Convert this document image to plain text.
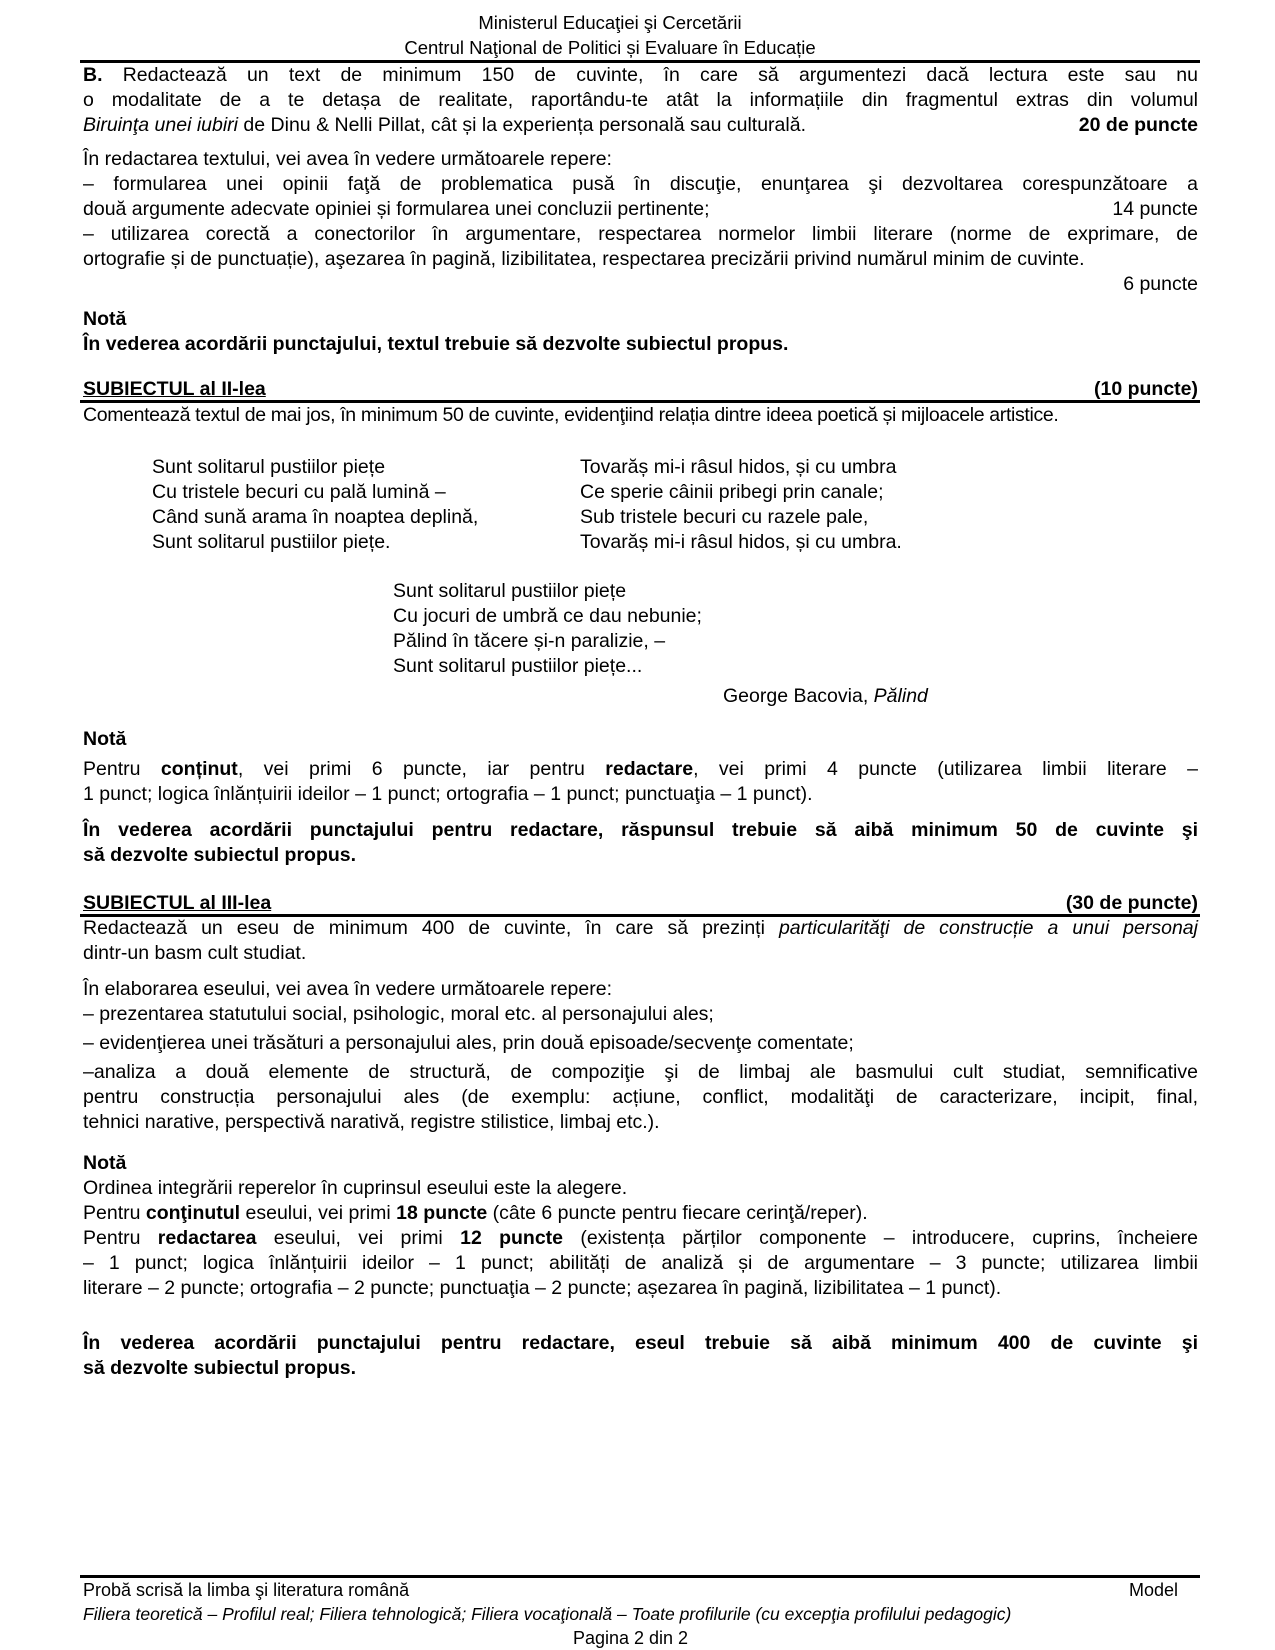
Ministerul Educaţiei şi Cercetării
Centrul Naţional de Politici și Evaluare în Educație
B. Redactează un text de minimum 150 de cuvinte, în care să argumentezi dacă lectura este sau nu
o modalitate de a te detașa de realitate, raportându-te atât la informațiile din fragmentul extras din volumul
Biruinţa unei iubiri de Dinu & Nelli Pillat, cât și la experiența personală sau culturală.	20 de puncte
În redactarea textului, vei avea în vedere următoarele repere:
– formularea unei opinii faţă de problematica pusă în discuţie, enunţarea şi dezvoltarea corespunzătoare a
două argumente adecvate opiniei și formularea unei concluzii pertinente;	14 puncte
– utilizarea corectă a conectorilor în argumentare, respectarea normelor limbii literare (norme de exprimare, de
ortografie și de punctuație), aşezarea în pagină, lizibilitatea, respectarea precizării privind numărul minim de cuvinte.
6 puncte
Notă
În vederea acordării punctajului, textul trebuie să dezvolte subiectul propus.
SUBIECTUL al II-lea	(10 puncte)
Comentează textul de mai jos, în minimum 50 de cuvinte, evidenţiind relația dintre ideea poetică și mijloacele artistice.
Sunt solitarul pustiilor piețe
Cu tristele becuri cu pală lumină –
Când sună arama în noaptea deplină,
Sunt solitarul pustiilor piețe.
Tovarăș mi-i râsul hidos, și cu umbra
Ce sperie câinii pribegi prin canale;
Sub tristele becuri cu razele pale,
Tovarăș mi-i râsul hidos, și cu umbra.
Sunt solitarul pustiilor piețe
Cu jocuri de umbră ce dau nebunie;
Pălind în tăcere și-n paralizie, –
Sunt solitarul pustiilor piețe...
George Bacovia, Pălind
Notă
Pentru conținut, vei primi 6 puncte, iar pentru redactare, vei primi 4 puncte (utilizarea limbii literare –
1 punct; logica înlănțuirii ideilor – 1 punct; ortografia – 1 punct; punctuaţia – 1 punct).
În vederea acordării punctajului pentru redactare, răspunsul trebuie să aibă minimum 50 de cuvinte şi
să dezvolte subiectul propus.
SUBIECTUL al III-lea	(30 de puncte)
Redactează un eseu de minimum 400 de cuvinte, în care să prezinți particularităţi de construcție a unui personaj
dintr-un basm cult studiat.
În elaborarea eseului, vei avea în vedere următoarele repere:
– prezentarea statutului social, psihologic, moral etc. al personajului ales;
– evidenţierea unei trăsături a personajului ales, prin două episoade/secvenţe comentate;
–analiza a două elemente de structură, de compoziţie şi de limbaj ale basmului cult studiat, semnificative
pentru construcția personajului ales (de exemplu: acțiune, conflict, modalităţi de caracterizare, incipit, final,
tehnici narative, perspectivă narativă, registre stilistice, limbaj etc.).
Notă
Ordinea integrării reperelor în cuprinsul eseului este la alegere.
Pentru conţinutul eseului, vei primi 18 puncte (câte 6 puncte pentru fiecare cerinţă/reper).
Pentru redactarea eseului, vei primi 12 puncte (existența părților componente – introducere, cuprins, încheiere
– 1 punct; logica înlănțuirii ideilor – 1 punct; abilități de analiză și de argumentare – 3 puncte; utilizarea limbii
literare – 2 puncte; ortografia – 2 puncte; punctuaţia – 2 puncte; așezarea în pagină, lizibilitatea – 1 punct).
În vederea acordării punctajului pentru redactare, eseul trebuie să aibă minimum 400 de cuvinte şi
să dezvolte subiectul propus.
Probă scrisă la limba şi literatura română	Model
Filiera teoretică – Profilul real; Filiera tehnologică; Filiera vocaţională – Toate profilurile (cu excepţia profilului pedagogic)
Pagina 2 din 2
